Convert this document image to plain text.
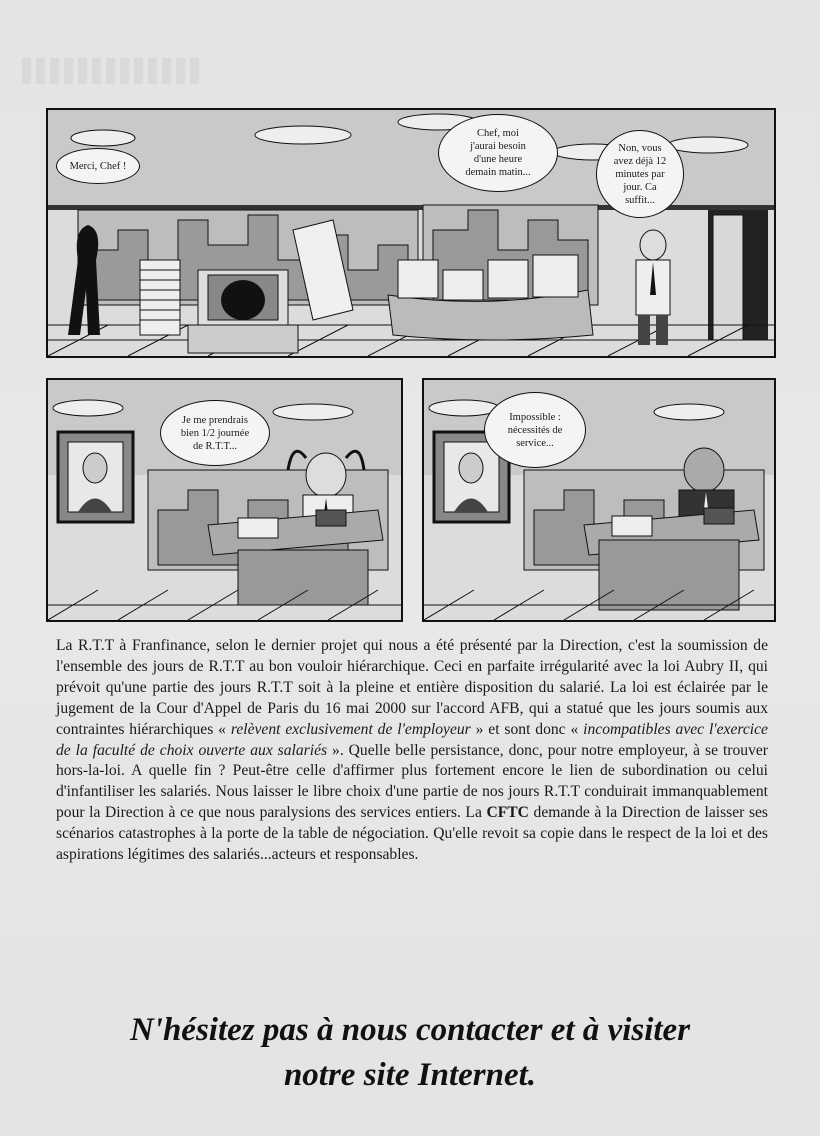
Merci, Chef !
Chef, moi
j'aurai besoin
d'une heure
demain matin...
Non, vous
avez déjà 12
minutes par
jour. Ca
suffit...
Je me prendrais
bien 1/2 journée
de R.T.T...
Impossible :
nécessités de
service...

La R.T.T à Franfinance, selon le dernier projet qui nous a été présenté par la Direction, c'est la soumission de l'ensemble des jours de R.T.T au bon vouloir hiérarchique. Ceci en parfaite irrégularité avec la loi Aubry II, qui prévoit qu'une partie des jours R.T.T soit à la pleine et entière disposition du salarié. La loi est éclairée par le jugement de la Cour d'Appel de Paris du 16 mai 2000 sur l'accord AFB, qui a statué que les jours soumis aux contraintes hiérarchiques « relèvent exclusivement de l'employeur » et sont donc « incompatibles avec l'exercice de la faculté de choix ouverte aux salariés ». Quelle belle persistance, donc, pour notre employeur, à se trouver hors-la-loi. A quelle fin ? Peut-être celle d'affirmer plus fortement encore le lien de subordination ou celui d'infantiliser les salariés. Nous laisser le libre choix d'une partie de nos jours R.T.T conduirait immanquablement pour la Direction à ce que nous paralysions des services entiers. La CFTC demande à la Direction de laisser ses scénarios catastrophes à la porte de la table de négociation. Qu'elle revoit sa copie dans le respect de la loi et des aspirations légitimes des salariés...acteurs et responsables.

N'hésitez pas à nous contacter et à visiter
notre site Internet.
